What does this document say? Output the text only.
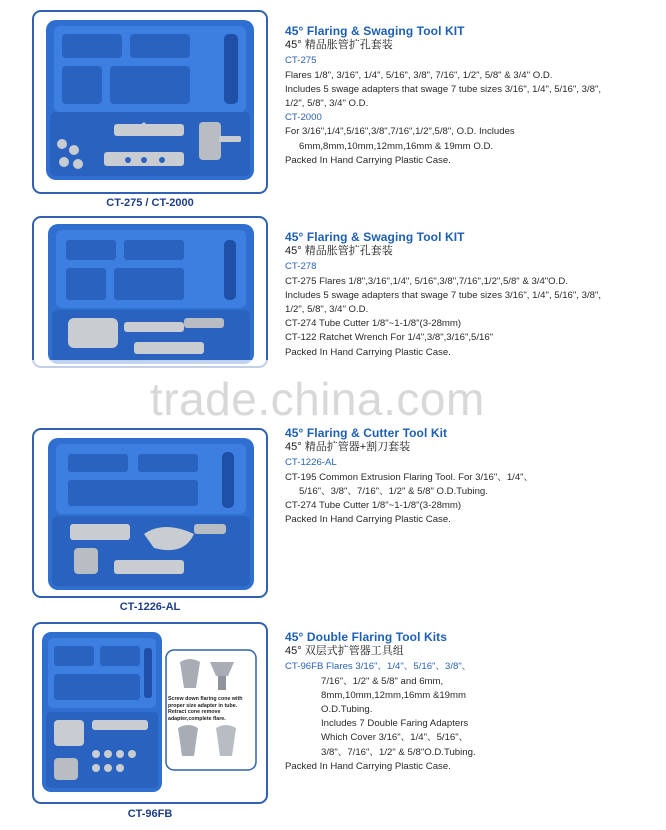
CT-275 / CT-2000
45° Flaring & Swaging Tool KIT
45° 精品胀管扩孔套装
CT-275
Flares 1/8", 3/16", 1/4", 5/16", 3/8", 7/16", 1/2", 5/8" & 3/4" O.D.
Includes 5 swage adapters that swage 7 tube sizes 3/16", 1/4", 5/16", 3/8",
1/2", 5/8", 3/4" O.D.
CT-2000
For 3/16",1/4",5/16",3/8",7/16",1/2",5/8", O.D. Includes
6mm,8mm,10mm,12mm,16mm & 19mm O.D.
Packed In Hand Carrying Plastic Case.
45° Flaring & Swaging Tool KIT
45° 精品胀管扩孔套装
CT-278
CT-275 Flares 1/8",3/16",1/4", 5/16",3/8",7/16",1/2",5/8" & 3/4"O.D.
Includes 5 swage adapters that swage 7 tube sizes 3/16", 1/4", 5/16", 3/8",
1/2", 5/8", 3/4" O.D.
CT-274 Tube Cutter 1/8"~1-1/8"(3-28mm)
CT-122 Ratchet Wrench For 1/4",3/8",3/16",5/16"
Packed In Hand Carrying Plastic Case.
trade.china.com
CT-1226-AL
45° Flaring & Cutter Tool Kit
45° 精品扩管器+割刀套装
CT-1226-AL
CT-195 Common Extrusion Flaring Tool. For 3/16"、1/4"、
5/16"、3/8"、7/16"、1/2" & 5/8" O.D.Tubing.
CT-274 Tube Cutter 1/8"~1-1/8"(3-28mm)
Packed In Hand Carrying Plastic Case.
Screw down flaring cone with proper size adapter in tube. Retract cone remove adapter,complete flare.
CT-96FB
45° Double Flaring Tool Kits
45° 双层式扩管器工具组
CT-96FB Flares 3/16"、1/4"、5/16"、3/8"、
7/16"、1/2" & 5/8" and 6mm,
8mm,10mm,12mm,16mm &19mm
O.D.Tubing.
Includes 7 Double Faring Adapters
Which Cover 3/16"、1/4"、5/16"、
3/8"、7/16"、1/2" & 5/8"O.D.Tubing.
Packed In Hand Carrying Plastic Case.
